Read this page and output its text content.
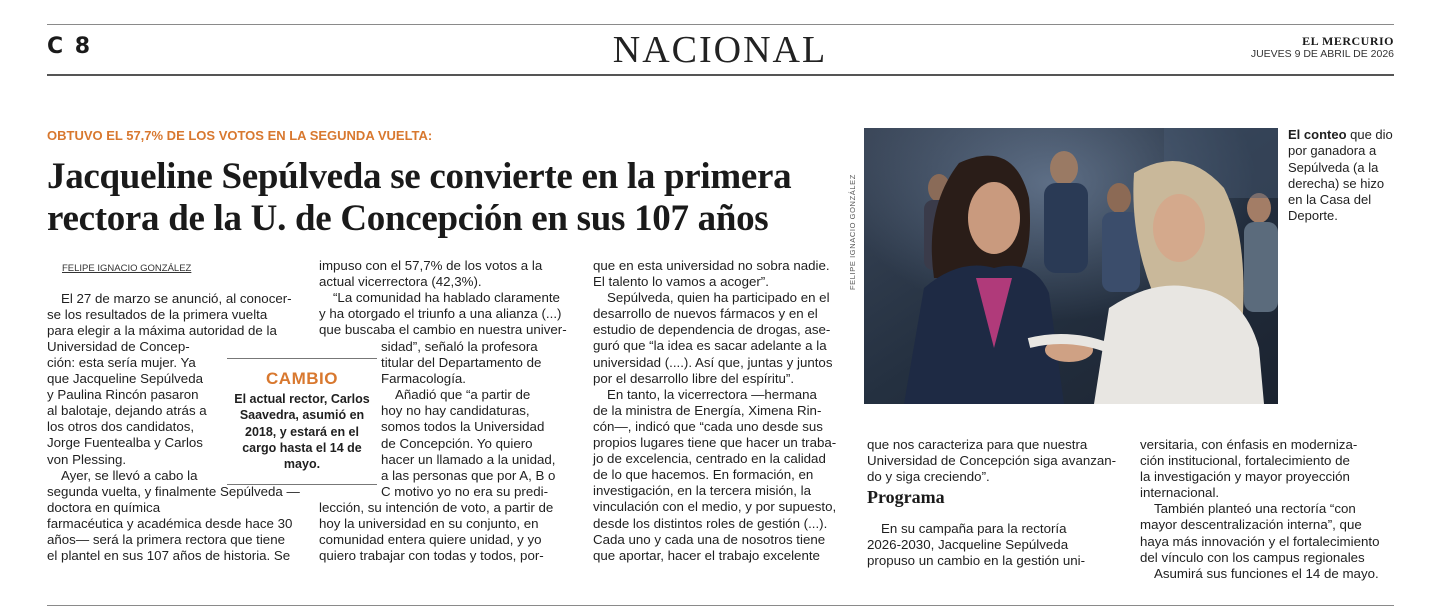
C 8	NACIONAL	EL MERCURIO
JUEVES 9 DE ABRIL DE 2026
OBTUVO EL 57,7% DE LOS VOTOS EN LA SEGUNDA VUELTA:
Jacqueline Sepúlveda se convierte en la primera
rectora de la U. de Concepción en sus 107 años
FELIPE IGNACIO GONZÁLEZ

El 27 de marzo se anunció, al conocer-

se los resultados de la primera vuelta

para elegir a la máxima autoridad de la

Universidad de Concep-

ción: esta sería mujer. Ya

que Jacqueline Sepúlveda

y Paulina Rincón pasaron

al balotaje, dejando atrás a

los otros dos candidatos,

Jorge Fuentealba y Carlos

von Plessing.

Ayer, se llevó a cabo la

segunda vuelta, y finalmente Sepúlveda —doctora en química

farmacéutica y académica desde hace 30

años— será la primera rectora que tiene

el plantel en sus 107 años de historia. Se

CAMBIO
El actual rector, Carlos Saavedra, asumió en 2018, y estará en el cargo hasta el 14 de mayo.

impuso con el 57,7% de los votos a la

actual vicerrectora (42,3%).

“La comunidad ha hablado claramente

y ha otorgado el triunfo a una alianza (...)

que buscaba el cambio en nuestra univer-

sidad”, señaló la profesora

titular del Departamento de

Farmacología.

Añadió que “a partir de

hoy no hay candidaturas,

somos todos la Universidad

de Concepción. Yo quiero

hacer un llamado a la unidad,

a las personas que por A, B o

C motivo yo no era su predi-

lección, su intención de voto, a partir de

hoy la universidad en su conjunto, en

comunidad entera quiere unidad, y yo

quiero trabajar con todas y todos, por-

que en esta universidad no sobra nadie.

El talento lo vamos a acoger”.

Sepúlveda, quien ha participado en el

desarrollo de nuevos fármacos y en el

estudio de dependencia de drogas, ase-

guró que “la idea es sacar adelante a la

universidad (....). Así que, juntas y juntos

por el desarrollo libre del espíritu”.

En tanto, la vicerrectora —hermana

de la ministra de Energía, Ximena Rin-

cón—, indicó que “cada uno desde sus

propios lugares tiene que hacer un traba-

jo de excelencia, centrado en la calidad

de lo que hacemos. En formación, en

investigación, en la tercera misión, la

vinculación con el medio, y por supuesto,

desde los distintos roles de gestión (...).

Cada uno y cada una de nosotros tiene

que aportar, hacer el trabajo excelente

FELIPE IGNACIO GONZÁLEZ
El conteo que dio por ganadora a Sepúlveda (a la derecha) se hizo en la Casa del Deporte.

que nos caracteriza para que nuestra

Universidad de Concepción siga avanzan-

do y siga creciendo”.

Programa

En su campaña para la rectoría

2026-2030, Jacqueline Sepúlveda

propuso un cambio en la gestión uni-

versitaria, con énfasis en moderniza-

ción institucional, fortalecimiento de

la investigación y mayor proyección

internacional.

También planteó una rectoría “con

mayor descentralización interna”, que

haya más innovación y el fortalecimiento

del vínculo con los campus regionales

Asumirá sus funciones el 14 de mayo.
